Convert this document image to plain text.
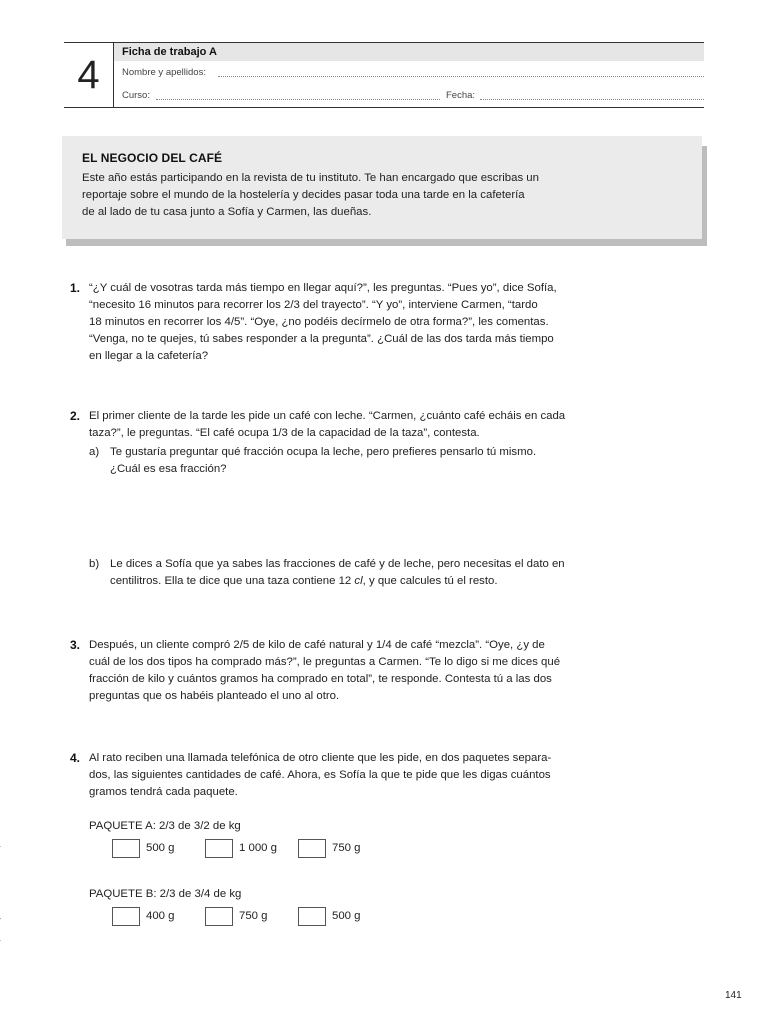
4
Ficha de trabajo A
Nombre y apellidos:
Curso:	Fecha:
EL NEGOCIO DEL CAFÉ
Este año estás participando en la revista de tu instituto. Te han encargado que escribas un
reportaje sobre el mundo de la hostelería y decides pasar toda una tarde en la cafetería
de al lado de tu casa junto a Sofía y Carmen, las dueñas.
1. “¿Y cuál de vosotras tarda más tiempo en llegar aquí?”, les preguntas. “Pues yo”, dice Sofía,
“necesito 16 minutos para recorrer los 2/3 del trayecto”. “Y yo”, interviene Carmen, “tardo
18 minutos en recorrer los 4/5”. “Oye, ¿no podéis decírmelo de otra forma?”, les comentas.
“Venga, no te quejes, tú sabes responder a la pregunta”. ¿Cuál de las dos tarda más tiempo
en llegar a la cafetería?
2. El primer cliente de la tarde les pide un café con leche. “Carmen, ¿cuánto café echáis en cada
taza?”, le preguntas. “El café ocupa 1/3 de la capacidad de la taza”, contesta.
a) Te gustaría preguntar qué fracción ocupa la leche, pero prefieres pensarlo tú mismo.
¿Cuál es esa fracción?
b) Le dices a Sofía que ya sabes las fracciones de café y de leche, pero necesitas el dato en
centilitros. Ella te dice que una taza contiene 12 cl, y que calcules tú el resto.
3. Después, un cliente compró 2/5 de kilo de café natural y 1/4 de café “mezcla”. “Oye, ¿y de
cuál de los dos tipos ha comprado más?”, le preguntas a Carmen. “Te lo digo si me dices qué
fracción de kilo y cuántos gramos ha comprado en total”, te responde. Contesta tú a las dos
preguntas que os habéis planteado el uno al otro.
4. Al rato reciben una llamada telefónica de otro cliente que les pide, en dos paquetes separa-
dos, las siguientes cantidades de café. Ahora, es Sofía la que te pide que les digas cuántos
gramos tendrá cada paquete.
PAQUETE A: 2/3 de 3/2 de kg
500 g	1 000 g	750 g
PAQUETE B: 2/3 de 3/4 de kg
400 g	750 g	500 g
141
